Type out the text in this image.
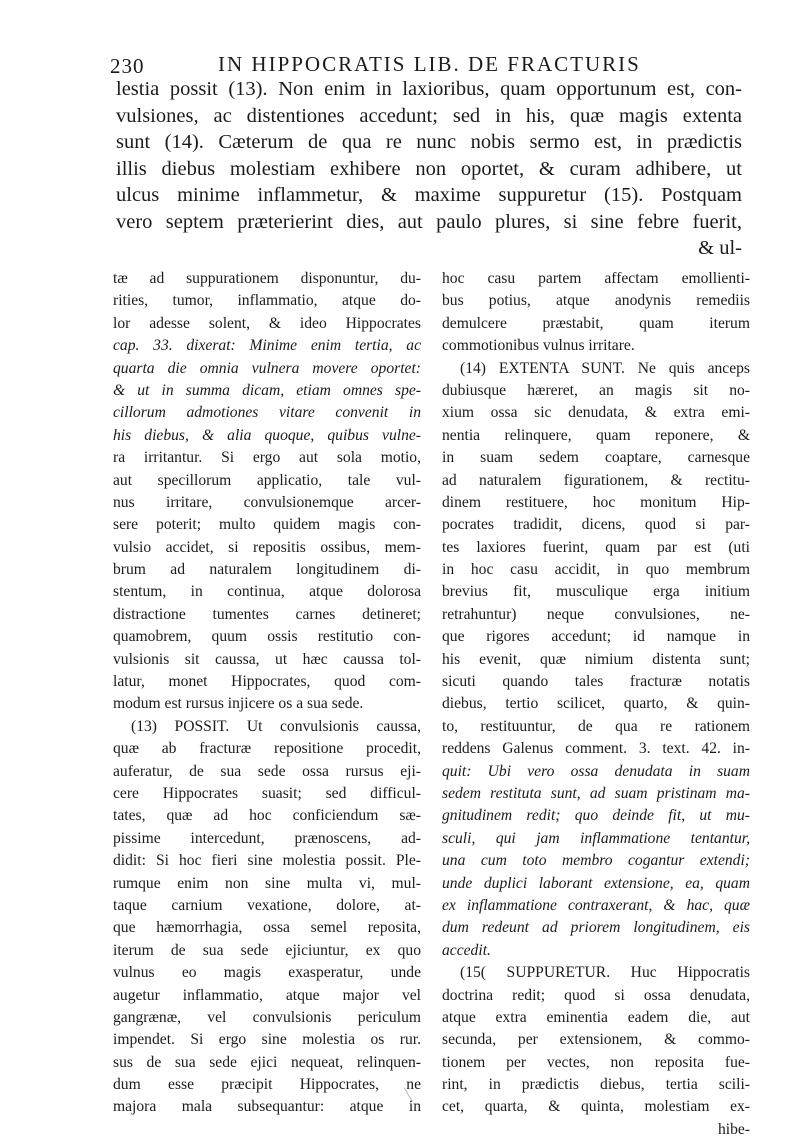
230	IN HIPPOCRATIS LIB. DE FRACTURIS
lestia possit (13). Non enim in laxioribus, quam opportunum est, con-
vulsiones, ac distentiones accedunt; sed in his, quæ magis extenta
sunt (14). Cæterum de qua re nunc nobis sermo est, in prædictis
illis diebus molestiam exhibere non oportet, & curam adhibere, ut
ulcus minime inflammetur, & maxime suppuretur (15). Postquam
vero septem præterierint dies, aut paulo plures, si sine febre fuerit,
& ul-
tæ ad suppurationem disponuntur, du-
rities, tumor, inflammatio, atque do-
lor adesse solent, & ideo Hippocrates
cap. 33. dixerat: Minime enim tertia, ac
quarta die omnia vulnera movere oportet:
& ut in summa dicam, etiam omnes spe-
cillorum admotiones vitare convenit in
his diebus, & alia quoque, quibus vulne-
ra irritantur. Si ergo aut sola motio,
aut specillorum applicatio, tale vul-
nus irritare, convulsionemque arcer-
sere poterit; multo quidem magis con-
vulsio accidet, si repositis ossibus, mem-
brum ad naturalem longitudinem di-
stentum, in continua, atque dolorosa
distractione tumentes carnes detineret;
quamobrem, quum ossis restitutio con-
vulsionis sit caussa, ut hæc caussa tol-
latur, monet Hippocrates, quod com-
modum est rursus injicere os a sua sede.
(13) POSSIT. Ut convulsionis caussa,
quæ ab fracturæ repositione procedit,
auferatur, de sua sede ossa rursus eji-
cere Hippocrates suasit; sed difficul-
tates, quæ ad hoc conficiendum sæ-
pissime intercedunt, prænoscens, ad-
didit: Si hoc fieri sine molestia possit. Ple-
rumque enim non sine multa vi, mul-
taque carnium vexatione, dolore, at-
que hæmorrhagia, ossa semel reposita,
iterum de sua sede ejiciuntur, ex quo
vulnus eo magis exasperatur, unde
augetur inflammatio, atque major vel
gangrænæ, vel convulsionis periculum
impendet. Si ergo sine molestia os rur.
sus de sua sede ejici nequeat, relinquen-
dum esse præcipit Hippocrates, ne
majora mala subsequantur: atque in
hoc casu partem affectam emollienti-
bus potius, atque anodynis remediis
demulcere præstabit, quam iterum
commotionibus vulnus irritare.
(14) EXTENTA SUNT. Ne quis anceps
dubiusque hæreret, an magis sit no-
xium ossa sic denudata, & extra emi-
nentia relinquere, quam reponere, &
in suam sedem coaptare, carnesque
ad naturalem figurationem, & rectitu-
dinem restituere, hoc monitum Hip-
pocrates tradidit, dicens, quod si par-
tes laxiores fuerint, quam par est (uti
in hoc casu accidit, in quo membrum
brevius fit, musculique erga initium
retrahuntur) neque convulsiones, ne-
que rigores accedunt; id namque in
his evenit, quæ nimium distenta sunt;
sicuti quando tales fracturæ notatis
diebus, tertio scilicet, quarto, & quin-
to, restituuntur, de qua re rationem
reddens Galenus comment. 3. text. 42. in-
quit: Ubi vero ossa denudata in suam
sedem restituta sunt, ad suam pristinam ma-
gnitudinem redit; quo deinde fit, ut mu-
sculi, qui jam inflammatione tentantur,
una cum toto membro cogantur extendi;
unde duplici laborant extensione, ea, quam
ex inflammatione contraxerant, & hac, quæ
dum redeunt ad priorem longitudinem, eis
accedit.
(15( SUPPURETUR. Huc Hippocratis
doctrina redit; quod si ossa denudata,
atque extra eminentia eadem die, aut
secunda, per extensionem, & commo-
tionem per vectes, non reposita fue-
rint, in prædictis diebus, tertia scili-
cet, quarta, & quinta, molestiam ex-
hibe-
